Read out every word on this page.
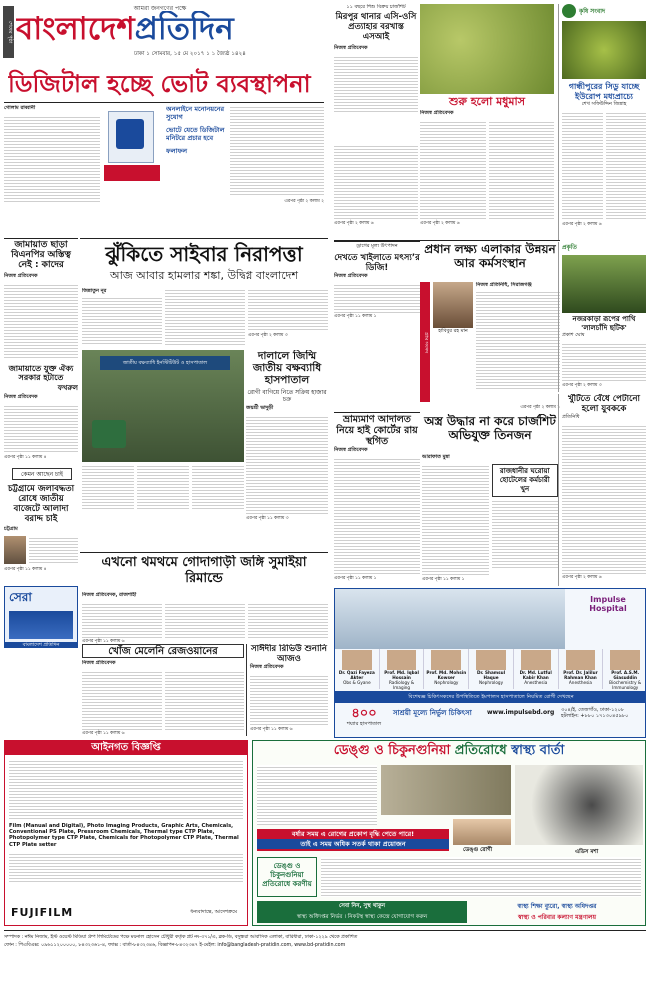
শেষের পৃষ্ঠা
আমরা জনগণের পক্ষে
বাংলাদেশপ্রতিদিন
ঢাকা ১ সোমবার, ১৫ মে ২০১৭ ১ ১ জ্যৈষ্ঠ ১৪২৪
ডিজিটাল হচ্ছে ভোট ব্যবস্থাপনা
গোলাম রাব্বানী	অনলাইনে মনোনয়নের সুযোগ
ভোটে যেতে ডিজিটাল মনিটরে প্রচার হবে
ফলাফল
এরপর পৃষ্ঠা ২ কলাম ২
জামায়াত ছাড়া বিএনপির অস্তিত্ব নেই : কাদের
নিজস্ব প্রতিবেদক
জামায়াতে যুক্ত ঐক্য সরকার হটাতে
ফখরুল
নিজস্ব প্রতিবেদক
এরপর পৃষ্ঠা ১১ কলাম ৪
কেমন আছেন চাই
চট্টগ্রামে জলাবদ্ধতা রোধে জাতীয় বাজেটে আলাদা বরাদ্দ চাই
চট্টগ্রাম
এরপর পৃষ্ঠা ১১ কলাম ৪
সেরা
বাংলাদেশ প্রতিদিন
ঝুঁকিতে সাইবার নিরাপত্তা
আজ আবার হামলার শঙ্কা, উদ্বিগ্ন বাংলাদেশ
জিন্নাতুন নূর
এরপর পৃষ্ঠা ২ কলাম ৩
জাতীয় বক্ষব্যাধি ইনস্টিটিউট ও হাসপাতাল
দালালে জিম্মি জাতীয় বক্ষব্যাধি হাসপাতাল
রোগী বাগিয়ে নিতে সক্রিয় হাজার চক্র
জয়শ্রী ভাদুড়ী
এরপর পৃষ্ঠা ১১ কলাম ৩
এখনো থমথমে গোদাগাড়ী জঙ্গি সুমাইয়া রিমান্ডে
নিজস্ব প্রতিবেদক, রাজশাহী
এরপর পৃষ্ঠা ১১ কলাম ৬
খোঁজ মেলেনি রেজওয়ানের
নিজস্ব প্রতিবেদক
এরপর পৃষ্ঠা ১১ কলাম ৬
সাঈদীর রিভিউ শুনানি আজও
নিজস্ব প্রতিবেদক
এরপর পৃষ্ঠা ১১ কলাম ৬
আইনগত বিজ্ঞপ্তি
Film (Manual and Digital), Photo Imaging Products, Graphic Arts, Chemicals, Conventional PS Plate, Pressroom Chemicals, Thermal type CTP Plate, Photopolymer type CTP Plate, Chemicals for Photopolymer CTP Plate, Thermal CTP Plate setter
FUJIFILM	ধন্যবাদান্তে, আদেশক্রমে
১১ বছরে শিশু বিক্রয় চার্জশিট
মিরপুর থানার এসি-ওসি প্রত্যাহার বরখাস্ত এসআই
নিজস্ব প্রতিবেদক
এরপর পৃষ্ঠা ২ কলাম ৬
শুরু হলো মধুমাস
নিজস্ব প্রতিবেদক
এরপর পৃষ্ঠা ২ কলাম ৬
কৃষি সংবাদ
গান্ধীপুরের সিডু যাচ্ছে ইউরোপ মধ্যপ্রাচ্যে
শেখ সফিউদ্দিন জিন্নাহ
এরপর পৃষ্ঠা ২ কলাম ৬
ড্রাগের মূল্য উৎপাদন
দেখতে খাইলাতে মৎস্য’র ডিজি!
নিজস্ব প্রতিবেদক
এরপর পৃষ্ঠা ১১ কলাম ১
প্রধান লক্ষ্য এলাকার উন্নয়ন আর কর্মসংস্থান
গ্রাম সংসদ
হাবিবুর রহ মান
নিজস্ব প্রতিনিধি, সিরাজগঞ্জ
এরপর পৃষ্ঠা ২ কলাম ১
প্রকৃতি
নজরকাড়া রূপের পাখি 'লালচাঁদি ছটিক'
প্রকাশ ঘোষ
এরপর পৃষ্ঠা ২ কলাম ৩
ভ্রাম্যমাণ আদালত নিয়ে হাই কোর্টের রায় স্থগিত
নিজস্ব প্রতিবেদক
এরপর পৃষ্ঠা ১১ কলাম ১
অস্ত্র উদ্ধার না করে চার্জশিট অভিযুক্ত তিনজন
আরাফাত মুন্না
রাজধানীর ঘরোয়া হোটেলের কর্মচারী খুন
এরপর পৃষ্ঠা ১১ কলাম ১
খুঁটিতে বেঁধে পেটানো হলো যুবককে
প্রতিনিধি
এরপর পৃষ্ঠা ২ কলাম ৬
Impulse Hospital
Dr. Qazi Fayeza Akter
Obs & Gyane
Prof. Md. Iqbal Hossain
Radiology & Imaging
Prof. Md. Mohsin Kowser
Nephrology
Dr. Shamsul Haque
Nephrology
Dr. Md. Lutful Kabir Khan
Anesthesia
Prof. Dr. Jalilur Rahman Khan
Anesthesia
Prof. A.S.M. Giasuddin
Biochemistry & Immunology
বিশেষজ্ঞ চিকিৎসকদের উপস্থিতিতে ইমপালস হাসপাতালে নিয়মিত রোগী দেখছেন
৪০০
শয্যার হাসপাতাল
সাশ্রয়ী মূল্যে নির্ভুল চিকিৎসা	www.impulsebd.org	৩০৪/ই, তেজগাঁও, ঢাকা-১২০৮
হটলাইন: +৮৮০ ১৭১৩০৪৫৯৮০
ডেঙ্গু ও চিকুনগুনিয়া প্রতিরোধে স্বাস্থ্য বার্তা
এডিস মশা
ডেঙ্গু রোগী
বর্ষার সময় এ রোগের প্রকোপ বৃদ্ধি পেতে পারে!
তাই এ সময় অধিক সতর্ক থাকা প্রয়োজন
ডেঙ্গু ও চিকুনগুনিয়া প্রতিরোধে করণীয়
সেবা নিন, সুস্থ থাকুন
স্বাস্থ্য অধিদপ্তর নির্ভর । নিকটস্থ স্বাস্থ্য কেন্দ্রে যোগাযোগ করুন
স্বাস্থ্য শিক্ষা ব্যুরো, স্বাস্থ্য অধিদপ্তর
স্বাস্থ্য ও পরিবার কল্যাণ মন্ত্রণালয়
সম্পাদক : নঈম নিজাম, ইস্ট ওয়েস্ট মিডিয়া গ্রুপ লিমিটেডের পক্ষে ময়নাল হোসেন চৌধুরী কর্তৃক প্লট নং-৩৭১/এ, ব্লক-ডি, বসুন্ধরা আবাসিক এলাকা, বারিধারা, ঢাকা-১২২৯ থেকে প্রকাশিত
ফোন : পিএবিএক্স: ০৯৬১১২০০০০০, ৮৪৩২৩৬১-৪, ফ্যাক্স : বার্তা-৮৪৩২৩৪৬, বিজ্ঞাপন-৮৪৩২৩৪৭ ই-মেইল: info@bangladesh-pratidin.com, www.bd-pratidin.com
